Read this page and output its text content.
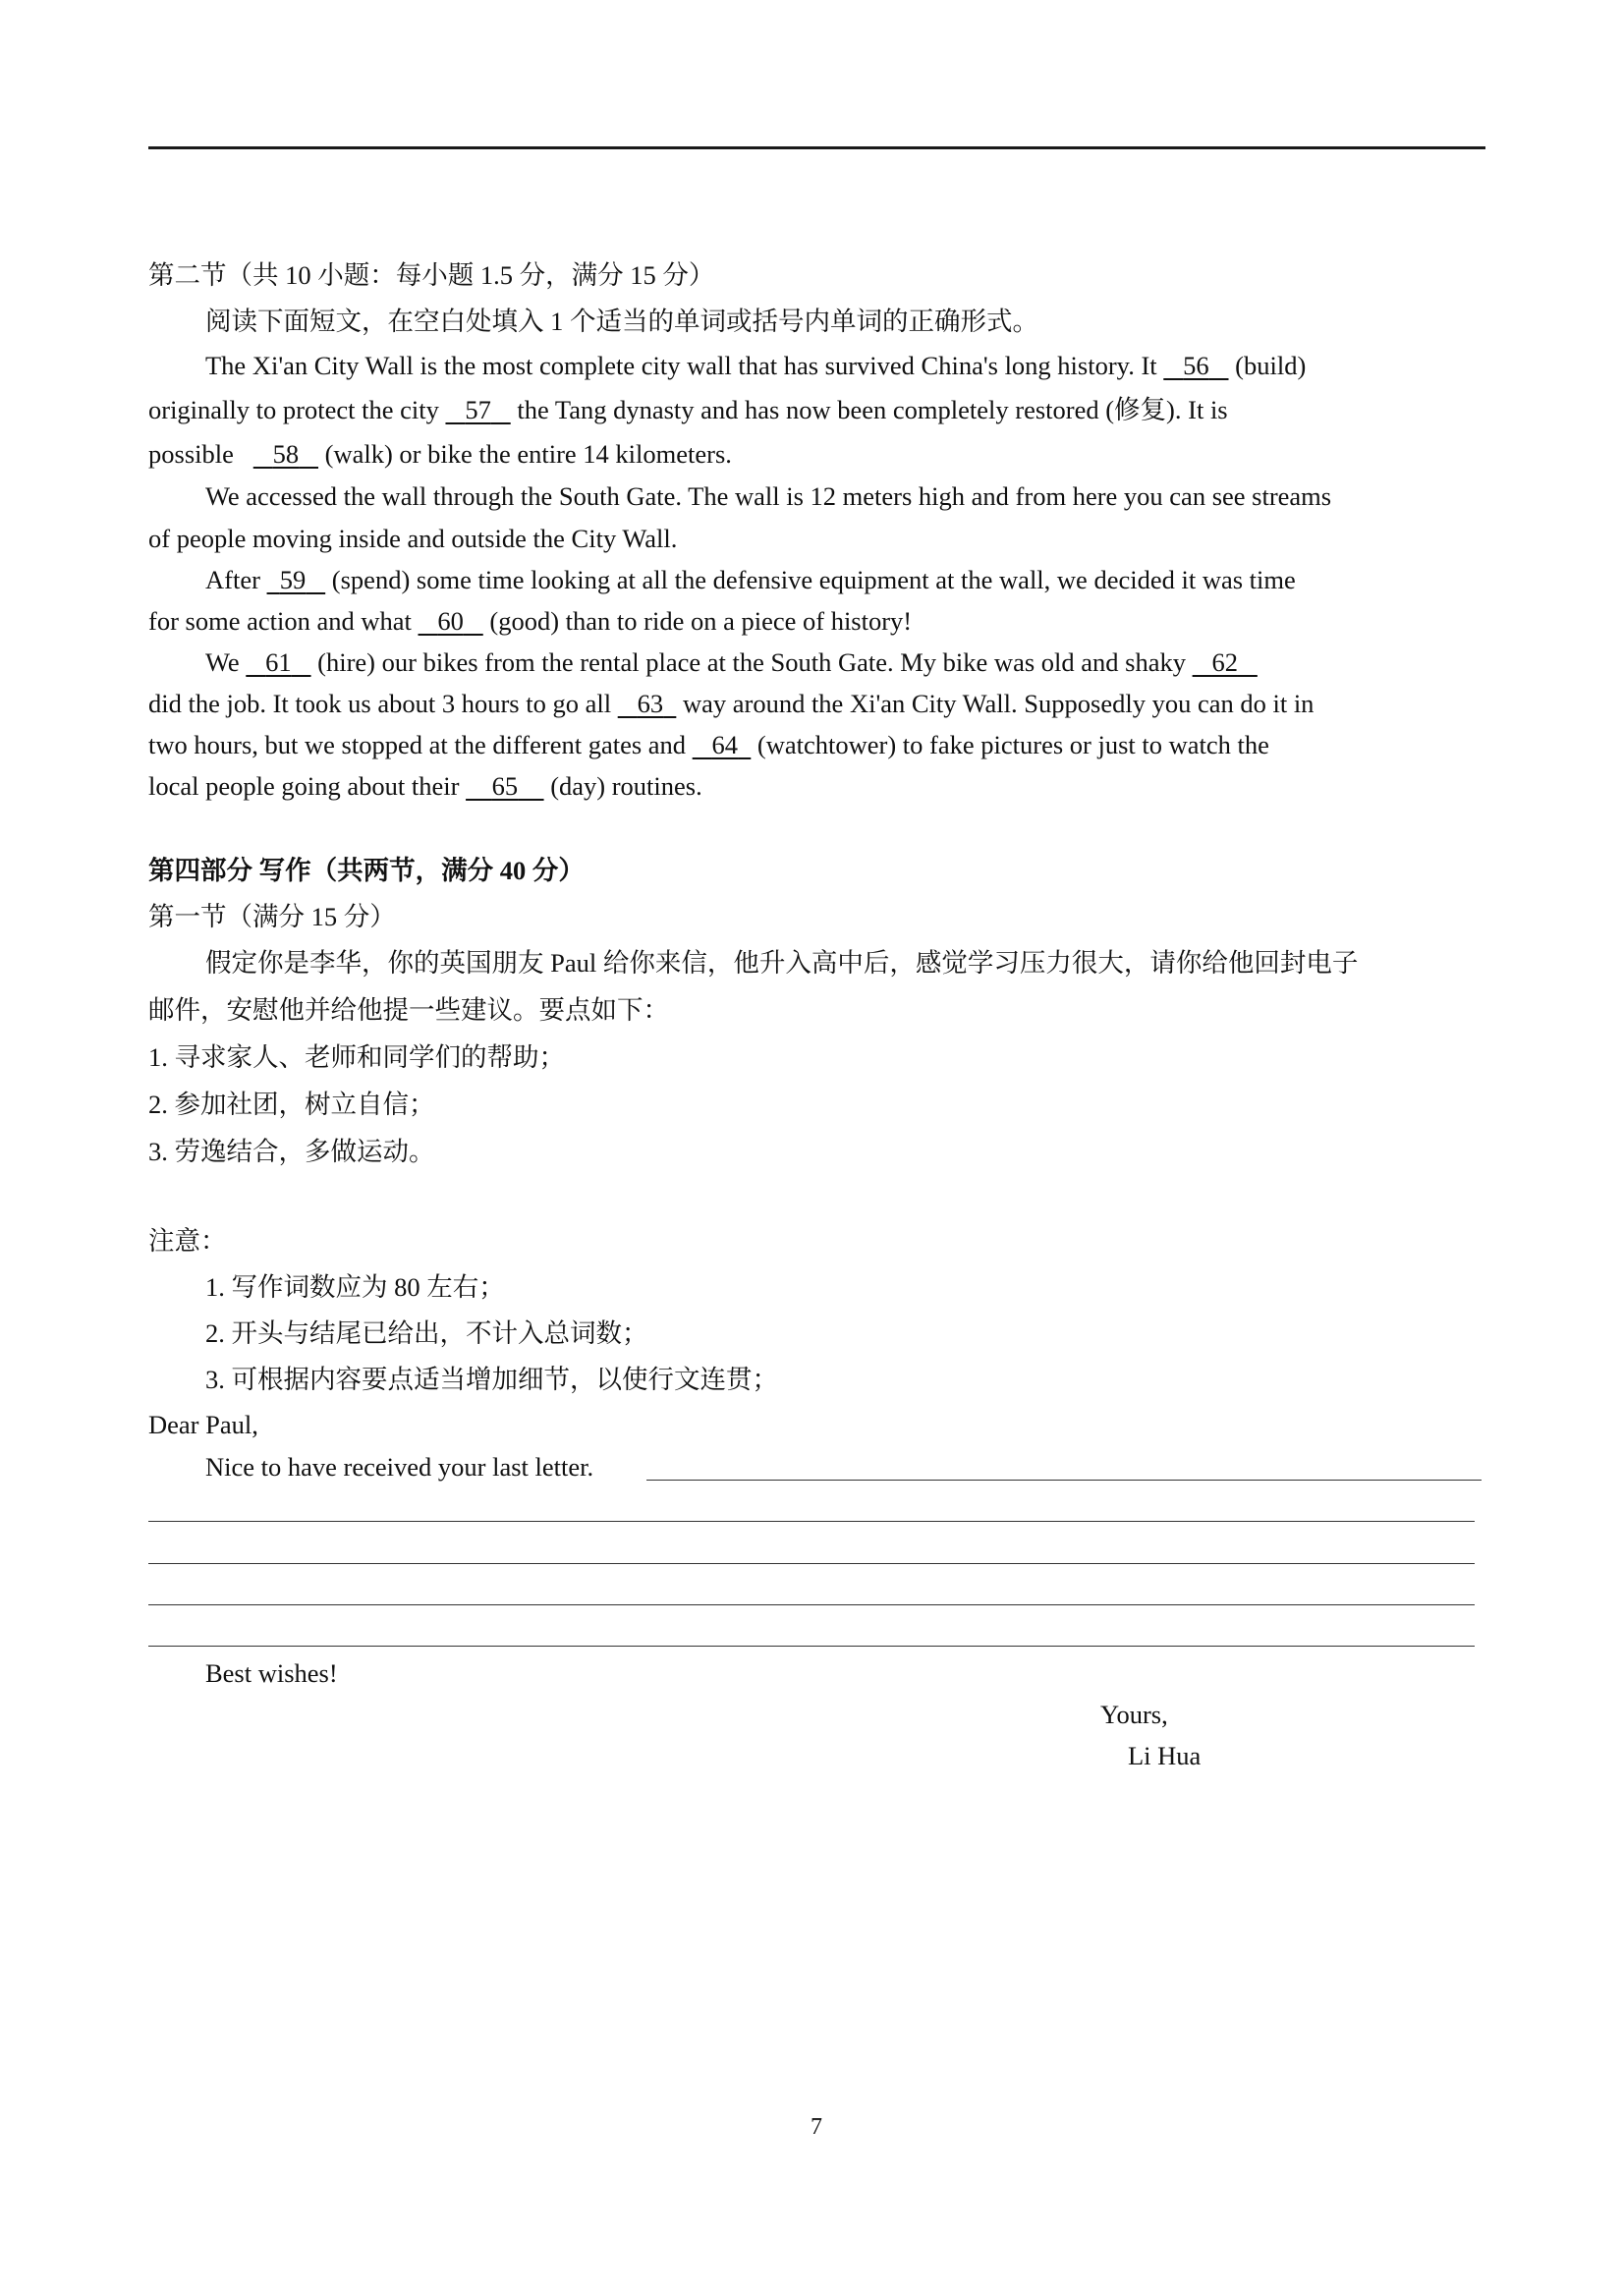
第二节（共 10 小题：每小题 1.5 分，满分 15 分）
阅读下面短文，在空白处填入 1 个适当的单词或括号内单词的正确形式。
The Xi'an City Wall is the most complete city wall that has survived China's long history. It    56    (build)
originally to protect the city    57    the Tang dynasty and has now been completely restored (修复). It is
possible      58    (walk) or bike the entire 14 kilometers.
We accessed the wall through the South Gate. The wall is 12 meters high and from here you can see streams
of people moving inside and outside the City Wall.
After   59    (spend) some time looking at all the defensive equipment at the wall, we decided it was time
for some action and what    60    (good) than to ride on a piece of history!
We    61    (hire) our bikes from the rental place at the South Gate. My bike was old and shaky    62
did the job. It took us about 3 hours to go all    63   way around the Xi'an City Wall. Supposedly you can do it in
two hours, but we stopped at the different gates and    64   (watchtower) to fake pictures or just to watch the
local people going about their     65     (day) routines.
第四部分 写作（共两节，满分 40 分）
第一节（满分 15 分）
假定你是李华，你的英国朋友 Paul 给你来信，他升入高中后，感觉学习压力很大，请你给他回封电子
邮件，安慰他并给他提一些建议。要点如下：
1. 寻求家人、老师和同学们的帮助；
2. 参加社团，树立自信；
3. 劳逸结合，多做运动。
注意：
1. 写作词数应为 80 左右；
2. 开头与结尾已给出，不计入总词数；
3. 可根据内容要点适当增加细节，以使行文连贯；
Dear Paul,
Nice to have received your last letter.
Best wishes!
Yours,
Li Hua
7
